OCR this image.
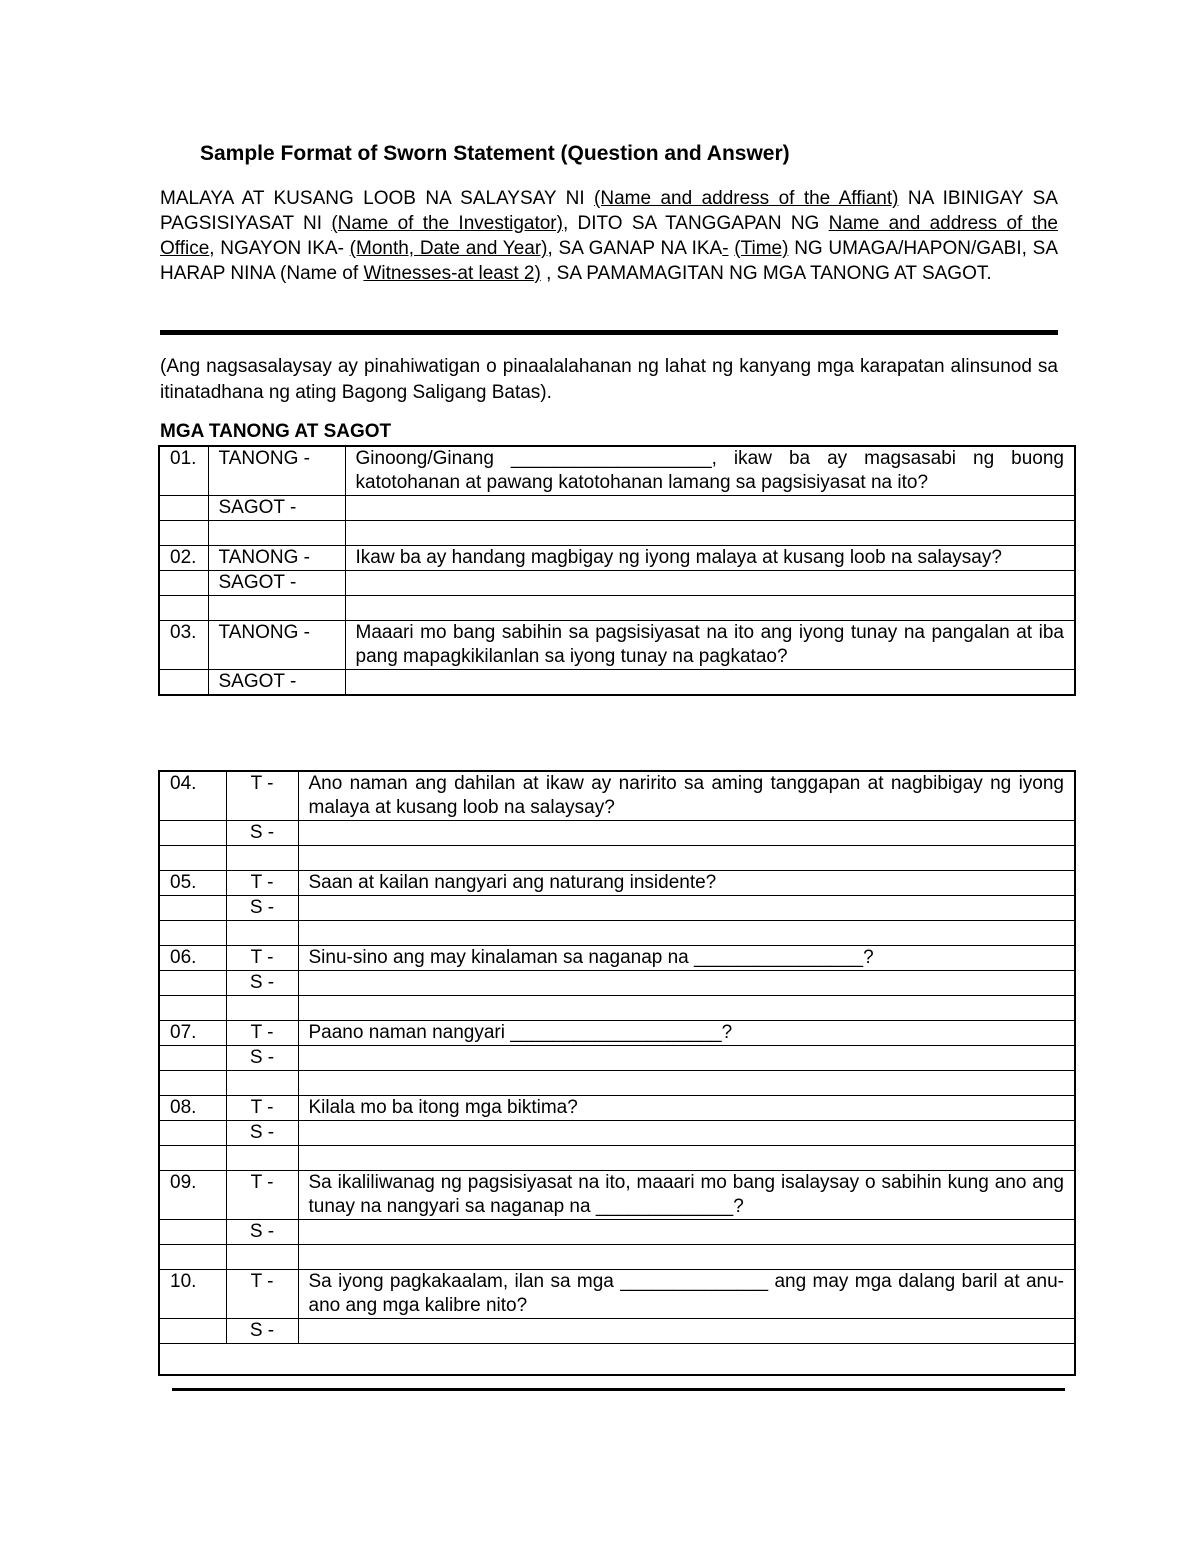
Sample Format of Sworn Statement (Question and Answer)

MALAYA AT KUSANG LOOB NA SALAYSAY NI (Name and address of the Affiant) NA IBINIGAY SA PAGSISIYASAT NI (Name of the Investigator), DITO SA TANGGAPAN NG Name and address of the Office, NGAYON IKA- (Month, Date and Year), SA GANAP NA IKA- (Time) NG UMAGA/HAPON/GABI, SA HARAP NINA (Name of Witnesses-at least 2) , SA PAMAMAGITAN NG MGA TANONG AT SAGOT.

(Ang nagsasalaysay ay pinahiwatigan o pinaalalahanan ng lahat ng kanyang mga karapatan alinsunod sa itinatadhana ng ating Bagong Saligang Batas).

MGA TANONG AT SAGOT

01.	TANONG -	Ginoong/Ginang ___________________, ikaw ba ay magsasabi ng buong katotohanan at pawang katotohanan lamang sa pagsisiyasat na ito?
	SAGOT -	

02.	TANONG -	Ikaw ba ay handang magbigay ng iyong malaya at kusang loob na salaysay?
	SAGOT -	

03.	TANONG -	Maaari mo bang sabihin sa pagsisiyasat na ito ang iyong tunay na pangalan at iba pang mapagkikilanlan sa iyong tunay na pagkatao?
	SAGOT -	
04.	T -	Ano naman ang dahilan at ikaw ay naririto sa aming tanggapan at nagbibigay ng iyong malaya at kusang loob na salaysay?
	S -	

05.	T -	Saan at kailan nangyari ang naturang insidente?
	S -	

06.	T -	Sinu-sino ang may kinalaman sa naganap na ________________?
	S -	

07.	T -	Paano naman nangyari ____________________?
	S -	

08.	T -	Kilala mo ba itong mga biktima?
	S -	

09.	T -	Sa ikaliliwanag ng pagsisiyasat na ito, maaari mo bang isalaysay o sabihin kung ano ang tunay na nangyari sa naganap na _____________?
	S -	

10.	T -	Sa iyong pagkakaalam, ilan sa mga ______________ ang may mga dalang baril at anu-ano ang mga kalibre nito?
	S -	
